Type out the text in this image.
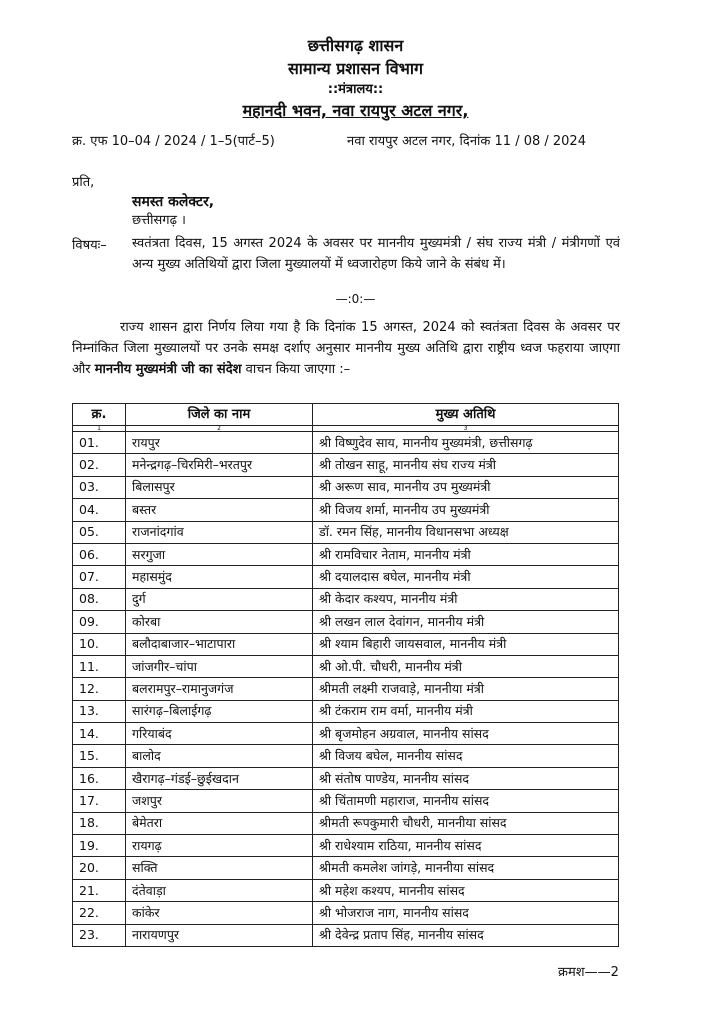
छत्तीसगढ़ शासन
सामान्य प्रशासन विभाग
::मंत्रालय::
महानदी भवन, नवा रायपुर अटल नगर,
क्र. एफ 10–04 / 2024 / 1–5(पार्ट–5)	नवा रायपुर अटल नगर, दिनांक 11 / 08 / 2024
प्रति,
समस्त कलेक्टर,
छत्तीसगढ़ ।
विषयः– स्वतंत्रता दिवस, 15 अगस्त 2024 के अवसर पर माननीय मुख्यमंत्री / संघ राज्य मंत्री / मंत्रीगणों एवं अन्य मुख्य अतिथियों द्वारा जिला मुख्यालयों में ध्वजारोहण किये जाने के संबंध में।
—:0:—
राज्य शासन द्वारा निर्णय लिया गया है कि दिनांक 15 अगस्त, 2024 को स्वतंत्रता दिवस के अवसर पर निम्नांकित जिला मुख्यालयों पर उनके समक्ष दर्शाए अनुसार माननीय मुख्य अतिथि द्वारा राष्ट्रीय ध्वज फहराया जाएगा और माननीय मुख्यमंत्री जी का संदेश वाचन किया जाएगा :–
क्र.	जिले का नाम	मुख्य अतिथि
1	2	3
01.	रायपुर	श्री विष्णुदेव साय, माननीय मुख्यमंत्री, छत्तीसगढ़
02.	मनेन्द्रगढ़–चिरमिरी–भरतपुर	श्री तोखन साहू, माननीय संघ राज्य मंत्री
03.	बिलासपुर	श्री अरूण साव, माननीय उप मुख्यमंत्री
04.	बस्तर	श्री विजय शर्मा, माननीय उप मुख्यमंत्री
05.	राजनांदगांव	डॉ. रमन सिंह, माननीय विधानसभा अध्यक्ष
06.	सरगुजा	श्री रामविचार नेताम, माननीय मंत्री
07.	महासमुंद	श्री दयालदास बघेल, माननीय मंत्री
08.	दुर्ग	श्री केदार कश्यप, माननीय मंत्री
09.	कोरबा	श्री लखन लाल देवांगन, माननीय मंत्री
10.	बलौदाबाजार–भाटापारा	श्री श्याम बिहारी जायसवाल, माननीय मंत्री
11.	जांजगीर–चांपा	श्री ओ.पी. चौधरी, माननीय मंत्री
12.	बलरामपुर–रामानुजगंज	श्रीमती लक्ष्मी राजवाड़े, माननीया मंत्री
13.	सारंगढ़–बिलाईगढ़	श्री टंकराम राम वर्मा, माननीय मंत्री
14.	गरियाबंद	श्री बृजमोहन अग्रवाल, माननीय सांसद
15.	बालोद	श्री विजय बघेल, माननीय सांसद
16.	खैरागढ़–गंडई–छुईखदान	श्री संतोष पाण्डेय, माननीय सांसद
17.	जशपुर	श्री चिंतामणी महाराज, माननीय सांसद
18.	बेमेतरा	श्रीमती रूपकुमारी चौधरी, माननीया सांसद
19.	रायगढ़	श्री राधेश्याम राठिया, माननीय सांसद
20.	सक्ति	श्रीमती कमलेश जांगड़े, माननीया सांसद
21.	दंतेवाड़ा	श्री महेश कश्यप, माननीय सांसद
22.	कांकेर	श्री भोजराज नाग, माननीय सांसद
23.	नारायणपुर	श्री देवेन्द्र प्रताप सिंह, माननीय सांसद
क्रमश——2
